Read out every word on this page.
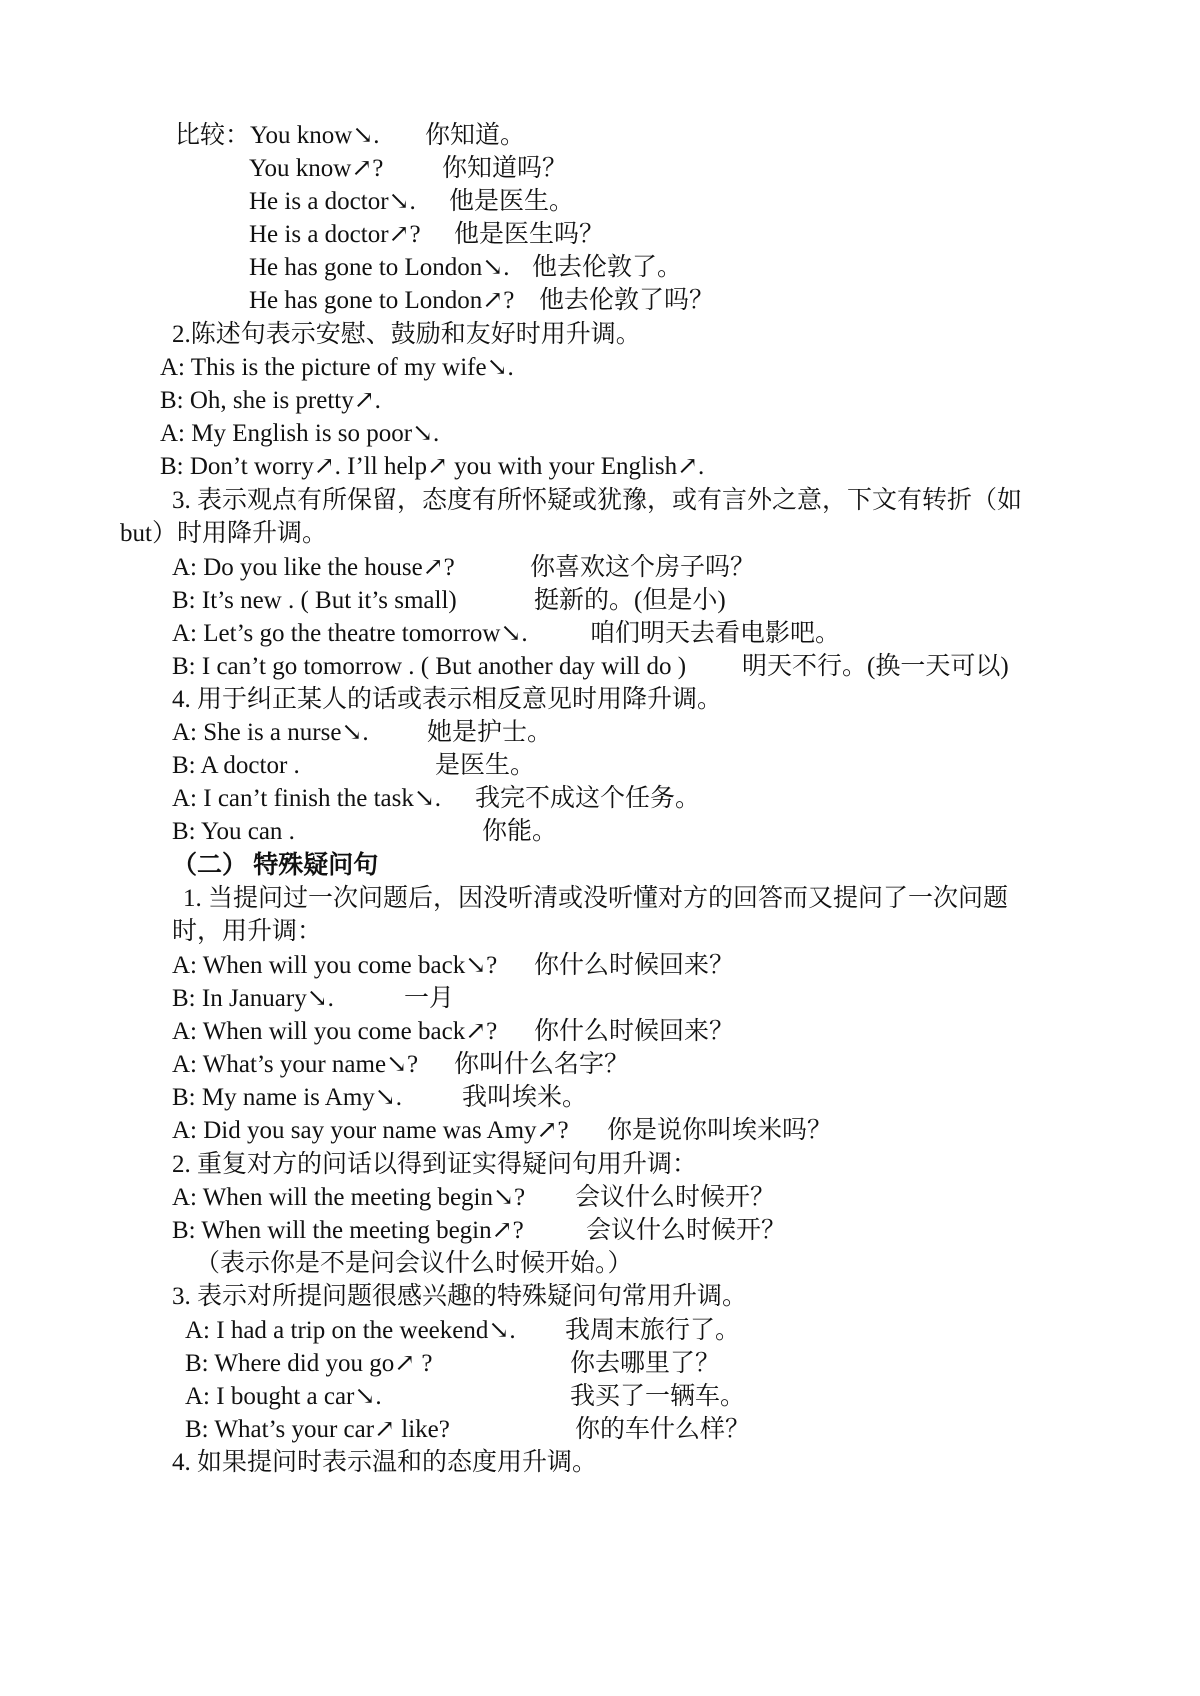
比较：You know↘. 你知道。
You know↗? 你知道吗？
He is a doctor↘. 他是医生。
He is a doctor↗? 他是医生吗？
He has gone to London↘. 他去伦敦了。
He has gone to London↗? 他去伦敦了吗？
2.陈述句表示安慰、鼓励和友好时用升调。
A: This is the picture of my wife↘.
B: Oh, she is pretty↗.
A: My English is so poor↘.
B: Don’t worry↗. I’ll help↗ you with your English↗.
3. 表示观点有所保留，态度有所怀疑或犹豫，或有言外之意，下文有转折（如
but）时用降升调。
A: Do you like the house↗?	你喜欢这个房子吗？
B: It’s new . ( But it’s small)	挺新的。(但是小)
A: Let’s go the theatre tomorrow↘. 咱们明天去看电影吧。
B: I can’t go tomorrow . ( But another day will do ) 明天不行。(换一天可以)
4. 用于纠正某人的话或表示相反意见时用降升调。
A: She is a nurse↘. 她是护士。
B: A doctor .	是医生。
A: I can’t finish the task↘. 我完不成这个任务。
B: You can .	你能。
（二） 特殊疑问句
1. 当提问过一次问题后，因没听清或没听懂对方的回答而又提问了一次问题
时，用升调：
A: When will you come back↘? 你什么时候回来？
B: In January↘.	一月
A: When will you come back↗? 你什么时候回来？
A: What’s your name↘? 你叫什么名字？
B: My name is Amy↘. 我叫埃米。
A: Did you say your name was Amy↗? 你是说你叫埃米吗？
2. 重复对方的问话以得到证实得疑问句用升调：
A: When will the meeting begin↘? 会议什么时候开？
B: When will the meeting begin↗? 会议什么时候开？
（表示你是不是问会议什么时候开始。）
3. 表示对所提问题很感兴趣的特殊疑问句常用升调。
A: I had a trip on the weekend↘. 我周末旅行了。
B: Where did you go↗ ?	你去哪里了？
A: I bought a car↘.	我买了一辆车。
B: What’s your car↗ like?	你的车什么样？
4. 如果提问时表示温和的态度用升调。
